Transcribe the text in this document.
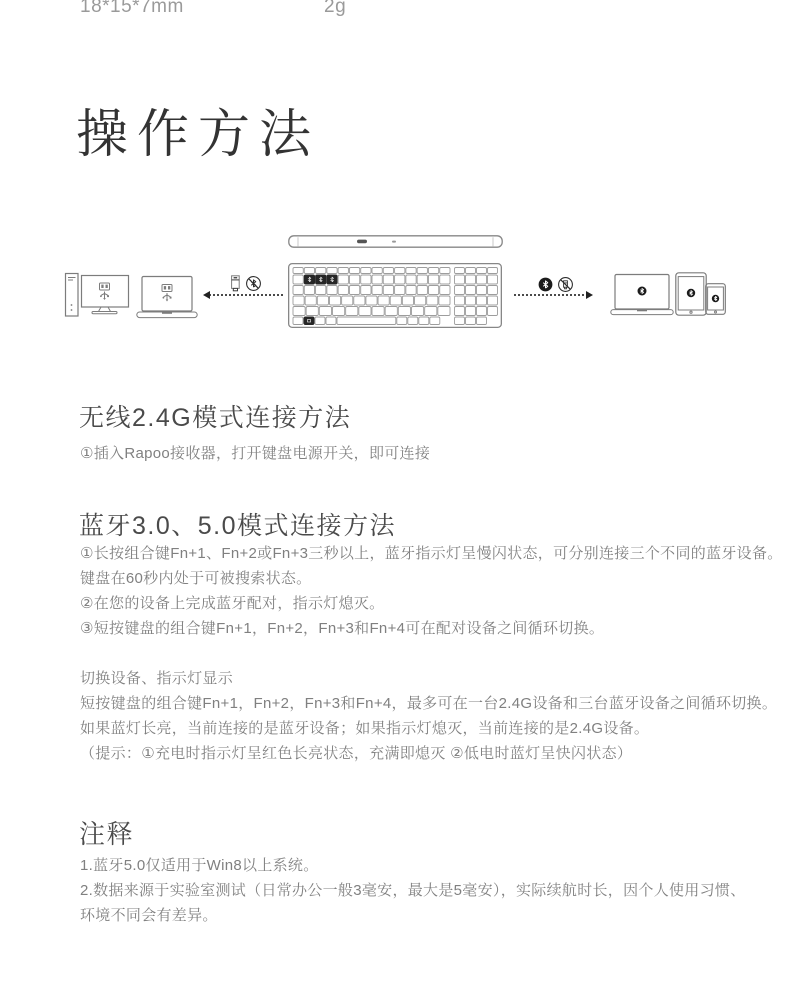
18*15*7mm	2g
操作方法
无线2.4G模式连接方法
①插入Rapoo接收器，打开键盘电源开关，即可连接
蓝牙3.0、5.0模式连接方法
①长按组合键Fn+1、Fn+2或Fn+3三秒以上，蓝牙指示灯呈慢闪状态，可分别连接三个不同的蓝牙设备。
键盘在60秒内处于可被搜索状态。
②在您的设备上完成蓝牙配对，指示灯熄灭。
③短按键盘的组合键Fn+1，Fn+2，Fn+3和Fn+4可在配对设备之间循环切换。
切换设备、指示灯显示
短按键盘的组合键Fn+1，Fn+2，Fn+3和Fn+4，最多可在一台2.4G设备和三台蓝牙设备之间循环切换。
如果蓝灯长亮，当前连接的是蓝牙设备；如果指示灯熄灭，当前连接的是2.4G设备。
（提示：①充电时指示灯呈红色长亮状态，充满即熄灭 ②低电时蓝灯呈快闪状态）
注释
1.蓝牙5.0仅适用于Win8以上系统。
2.数据来源于实验室测试（日常办公一般3毫安，最大是5毫安），实际续航时长，因个人使用习惯、
环境不同会有差异。
